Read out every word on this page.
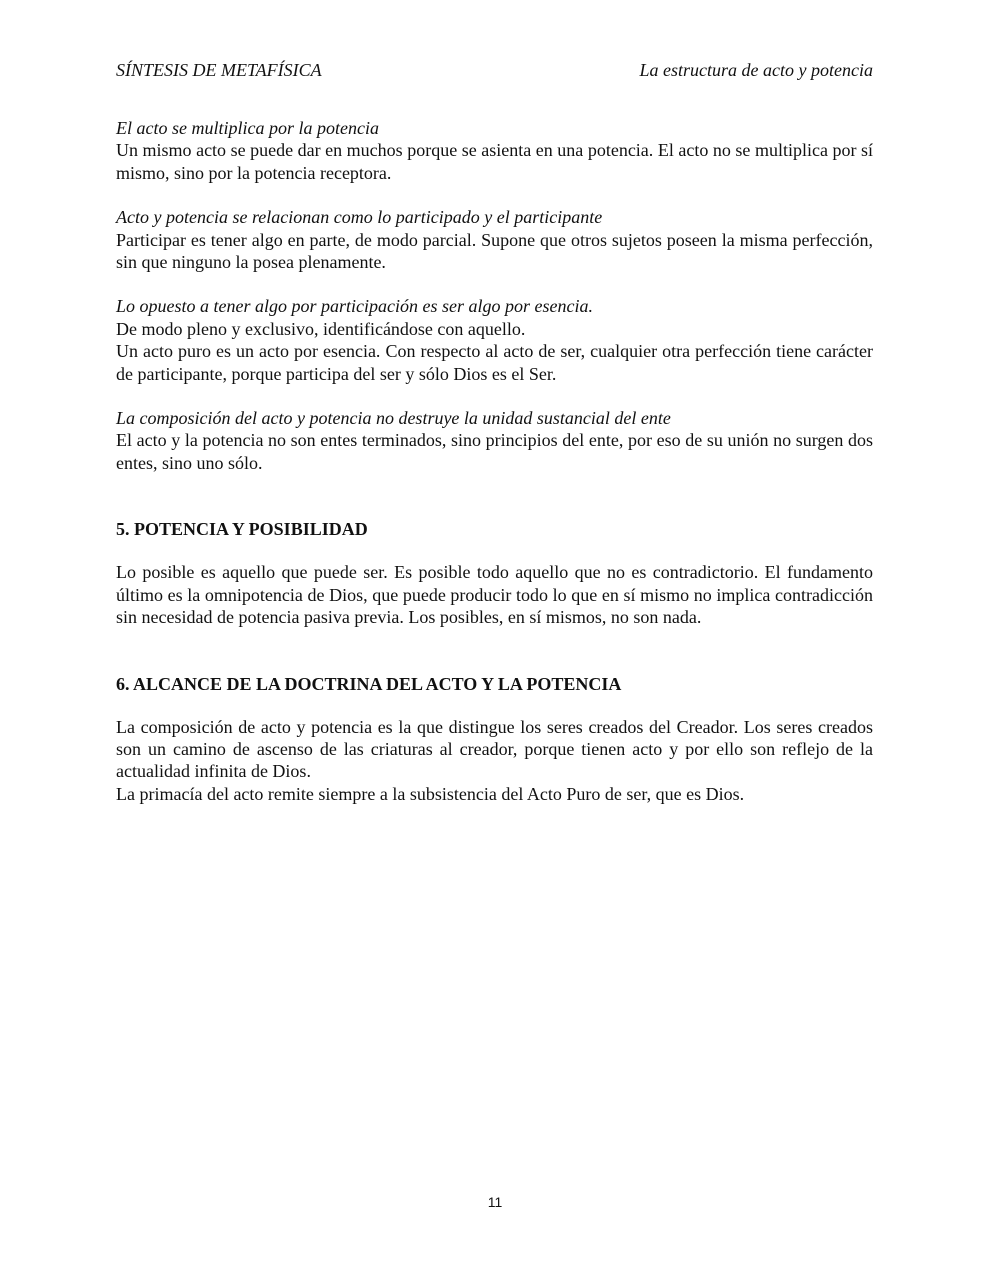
SÍNTESIS DE METAFÍSICA	La estructura de acto y potencia

El acto se multiplica por la potencia

Un mismo acto se puede dar en muchos porque se asienta en una potencia. El acto no se multiplica por sí mismo, sino por la potencia receptora.

Acto y potencia se relacionan como lo participado y el participante

Participar es tener algo en parte, de modo parcial. Supone que otros sujetos poseen la misma perfección, sin que ninguno la posea plenamente.

Lo opuesto a tener algo por participación es ser algo por esencia.

De modo pleno y exclusivo, identificándose con aquello.

Un acto puro es un acto por esencia. Con respecto al acto de ser, cualquier otra perfección tiene carácter de participante, porque participa del ser y sólo Dios es el Ser.

La composición del acto y potencia no destruye la unidad sustancial del ente

El acto y la potencia no son entes terminados, sino principios del ente, por eso de su unión no surgen dos entes, sino uno sólo.

5. POTENCIA Y POSIBILIDAD

Lo posible es aquello que puede ser. Es posible todo aquello que no es contradictorio. El fundamento último es la omnipotencia de Dios, que puede producir todo lo que en sí mismo no implica contradicción sin necesidad de potencia pasiva previa. Los posibles, en sí mismos, no son nada.

6. ALCANCE DE LA DOCTRINA DEL ACTO Y LA POTENCIA

La composición de acto y potencia es la que distingue los seres creados del Creador. Los seres creados son un camino de ascenso de las criaturas al creador, porque tienen acto y por ello son reflejo de la actualidad infinita de Dios.

La primacía del acto remite siempre a la subsistencia del Acto Puro de ser, que es Dios.

11
